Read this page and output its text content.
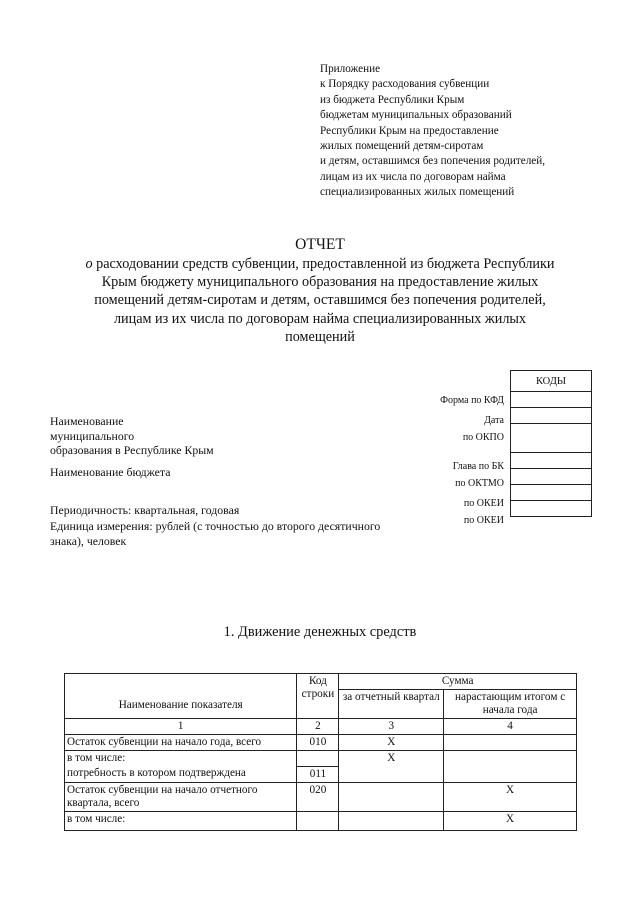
Приложение
к Порядку расходования субвенции
из бюджета Республики Крым
бюджетам муниципальных образований
Республики Крым на предоставление
жилых помещений детям-сиротам
и детям, оставшимся без попечения родителей,
лицам из их числа по договорам найма
специализированных жилых помещений
ОТЧЕТ
о расходовании средств субвенции, предоставленной из бюджета Республики
Крым бюджету муниципального образования на предоставление жилых
помещений детям-сиротам и детям, оставшимся без попечения родителей,
лицам из их числа по договорам найма специализированных жилых
помещений
Наименование
муниципального
образования в Республике Крым
Наименование бюджета
Периодичность: квартальная, годовая
Единица измерения: рублей (с точностью до второго десятичного
знака), человек
Форма по КФД
Дата
по ОКПО
Глава по БК
по ОКТМО
по ОКЕИ
по ОКЕИ
КОДЫ

1. Движение денежных средств
Наименование показателя	Код строки	Сумма	
		за отчетный квартал	нарастающим итогом с начала года
1	2	3	4
Остаток субвенции на начало года, всего	010	X	
в том числе:		X	
потребность в котором подтверждена	011		
Остаток субвенции на начало отчетного квартала, всего	020		X
в том числе:			X
